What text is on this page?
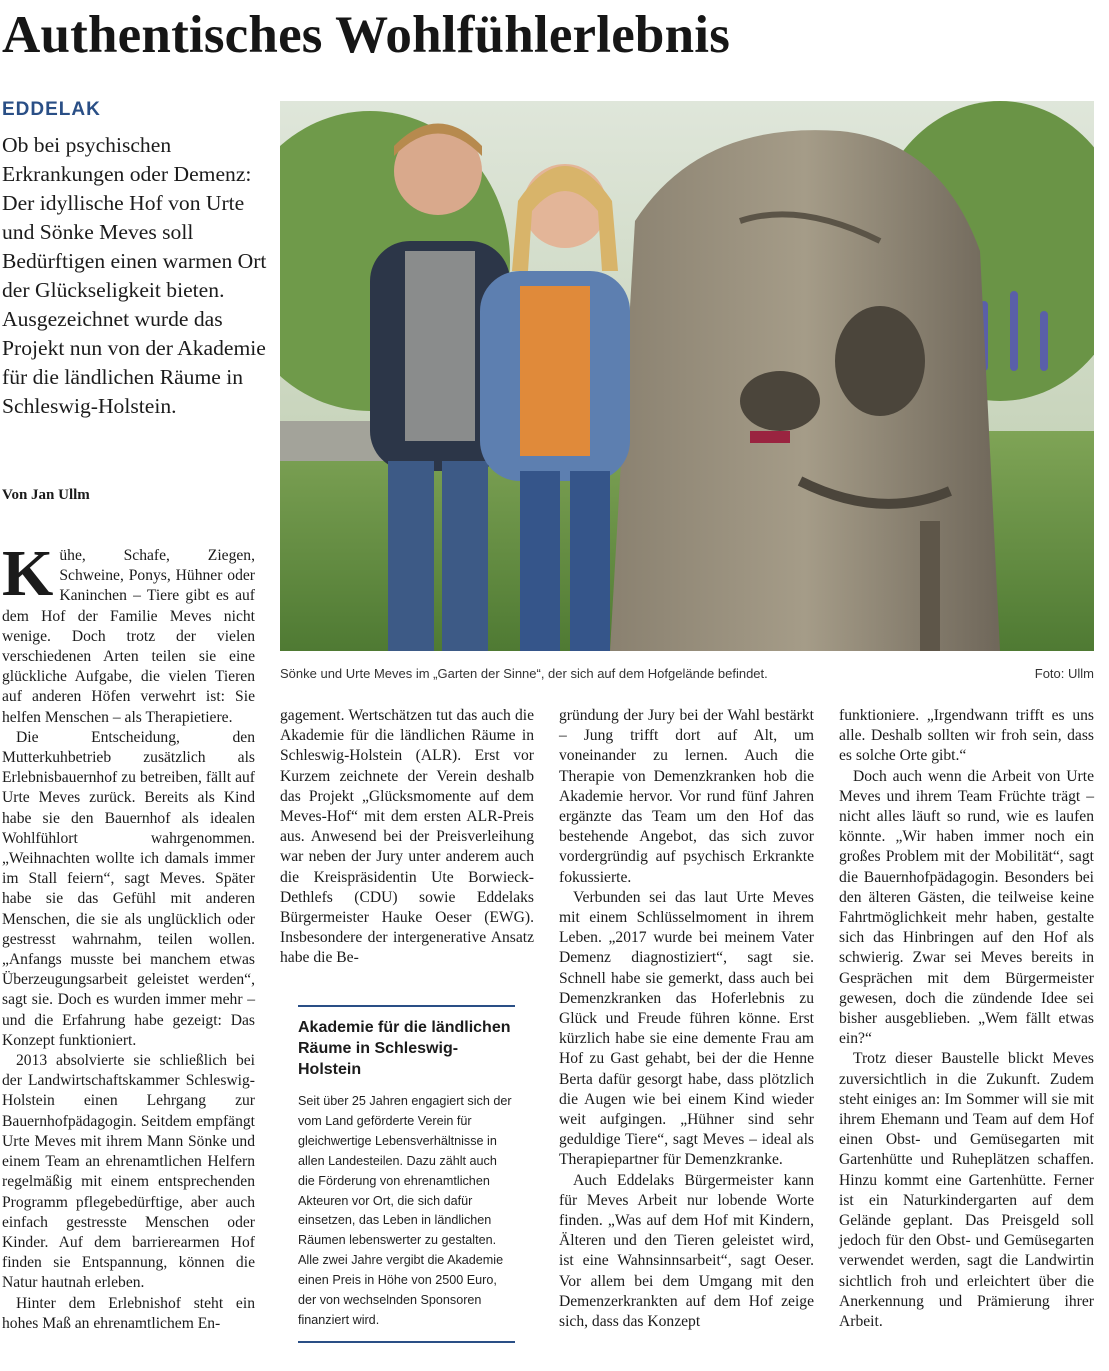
Authentisches Wohlfühlerlebnis
EDDELAK

Ob bei psychischen Erkrankungen oder Demenz: Der idyllische Hof von Urte und Sönke Meves soll Bedürftigen einen warmen Ort der Glückseligkeit bieten. Ausgezeichnet wurde das Projekt nun von der Akademie für die ländlichen Räume in Schleswig-Holstein.

Von Jan Ullm
Sönke und Urte Meves im „Garten der Sinne“, der sich auf dem Hofgelände befindet.	Foto: Ullm

Kühe, Schafe, Ziegen, Schweine, Ponys, Hühner oder Kaninchen – Tiere gibt es auf dem Hof der Familie Meves nicht wenige. Doch trotz der vielen verschiedenen Arten teilen sie eine glückliche Aufgabe, die vielen Tieren auf anderen Höfen verwehrt ist: Sie helfen Menschen – als Therapietiere.

Die Entscheidung, den Mutterkuhbetrieb zusätzlich als Erlebnisbauernhof zu betreiben, fällt auf Urte Meves zurück. Bereits als Kind habe sie den Bauernhof als idealen Wohlfühlort wahrgenommen. „Weihnachten wollte ich damals immer im Stall feiern“, sagt Meves. Später habe sie das Gefühl mit anderen Menschen, die sie als unglücklich oder gestresst wahrnahm, teilen wollen. „Anfangs musste bei manchem etwas Überzeugungsarbeit geleistet werden“, sagt sie. Doch es wurden immer mehr – und die Erfahrung habe gezeigt: Das Konzept funktioniert.

2013 absolvierte sie schließlich bei der Landwirtschaftskammer Schleswig-Holstein einen Lehrgang zur Bauernhofpädagogin. Seitdem empfängt Urte Meves mit ihrem Mann Sönke und einem Team an ehrenamtlichen Helfern regelmäßig mit einem entsprechenden Programm pflegebedürftige, aber auch einfach gestresste Menschen oder Kinder. Auf dem barrierearmen Hof finden sie Entspannung, können die Natur hautnah erleben.

Hinter dem Erlebnishof steht ein hohes Maß an ehrenamtlichem En-

gagement. Wertschätzen tut das auch die Akademie für die ländlichen Räume in Schleswig-Holstein (ALR). Erst vor Kurzem zeichnete der Verein deshalb das Projekt „Glücksmomente auf dem Meves-Hof“ mit dem ersten ALR-Preis aus. Anwesend bei der Preisverleihung war neben der Jury unter anderem auch die Kreispräsidentin Ute Borwieck-Dethlefs (CDU) sowie Eddelaks Bürgermeister Hauke Oeser (EWG). Insbesondere der intergenerative Ansatz habe die Be-

Akademie für die ländlichen Räume in Schleswig-Holstein

Seit über 25 Jahren engagiert sich der vom Land geförderte Verein für gleichwertige Lebensverhältnisse in allen Landesteilen. Dazu zählt auch die Förderung von ehrenamtlichen Akteuren vor Ort, die sich dafür einsetzen, das Leben in ländlichen Räumen lebenswerter zu gestalten. Alle zwei Jahre vergibt die Akademie einen Preis in Höhe von 2500 Euro, der von wechselnden Sponsoren finanziert wird.

gründung der Jury bei der Wahl bestärkt – Jung trifft dort auf Alt, um voneinander zu lernen. Auch die Therapie von Demenzkranken hob die Akademie hervor. Vor rund fünf Jahren ergänzte das Team um den Hof das bestehende Angebot, das sich zuvor vordergründig auf psychisch Erkrankte fokussierte.

Verbunden sei das laut Urte Meves mit einem Schlüsselmoment in ihrem Leben. „2017 wurde bei meinem Vater Demenz diagnostiziert“, sagt sie. Schnell habe sie gemerkt, dass auch bei Demenzkranken das Hoferlebnis zu Glück und Freude führen könne. Erst kürzlich habe sie eine demente Frau am Hof zu Gast gehabt, bei der die Henne Berta dafür gesorgt habe, dass plötzlich die Augen wie bei einem Kind wieder weit aufgingen. „Hühner sind sehr geduldige Tiere“, sagt Meves – ideal als Therapiepartner für Demenzkranke.

Auch Eddelaks Bürgermeister kann für Meves Arbeit nur lobende Worte finden. „Was auf dem Hof mit Kindern, Älteren und den Tieren geleistet wird, ist eine Wahnsinnsarbeit“, sagt Oeser. Vor allem bei dem Umgang mit den Demenzerkrankten auf dem Hof zeige sich, dass das Konzept

funktioniere. „Irgendwann trifft es uns alle. Deshalb sollten wir froh sein, dass es solche Orte gibt.“

Doch auch wenn die Arbeit von Urte Meves und ihrem Team Früchte trägt – nicht alles läuft so rund, wie es laufen könnte. „Wir haben immer noch ein großes Problem mit der Mobilität“, sagt die Bauernhofpädagogin. Besonders bei den älteren Gästen, die teilweise keine Fahrtmöglichkeit mehr haben, gestalte sich das Hinbringen auf den Hof als schwierig. Zwar sei Meves bereits in Gesprächen mit dem Bürgermeister gewesen, doch die zündende Idee sei bisher ausgeblieben. „Wem fällt etwas ein?“

Trotz dieser Baustelle blickt Meves zuversichtlich in die Zukunft. Zudem steht einiges an: Im Sommer will sie mit ihrem Ehemann und Team auf dem Hof einen Obst- und Gemüsegarten mit Gartenhütte und Ruheplätzen schaffen. Hinzu kommt eine Gartenhütte. Ferner ist ein Naturkindergarten auf dem Gelände geplant. Das Preisgeld soll jedoch für den Obst- und Gemüsegarten verwendet werden, sagt die Landwirtin sichtlich froh und erleichtert über die Anerkennung und Prämierung ihrer Arbeit.
